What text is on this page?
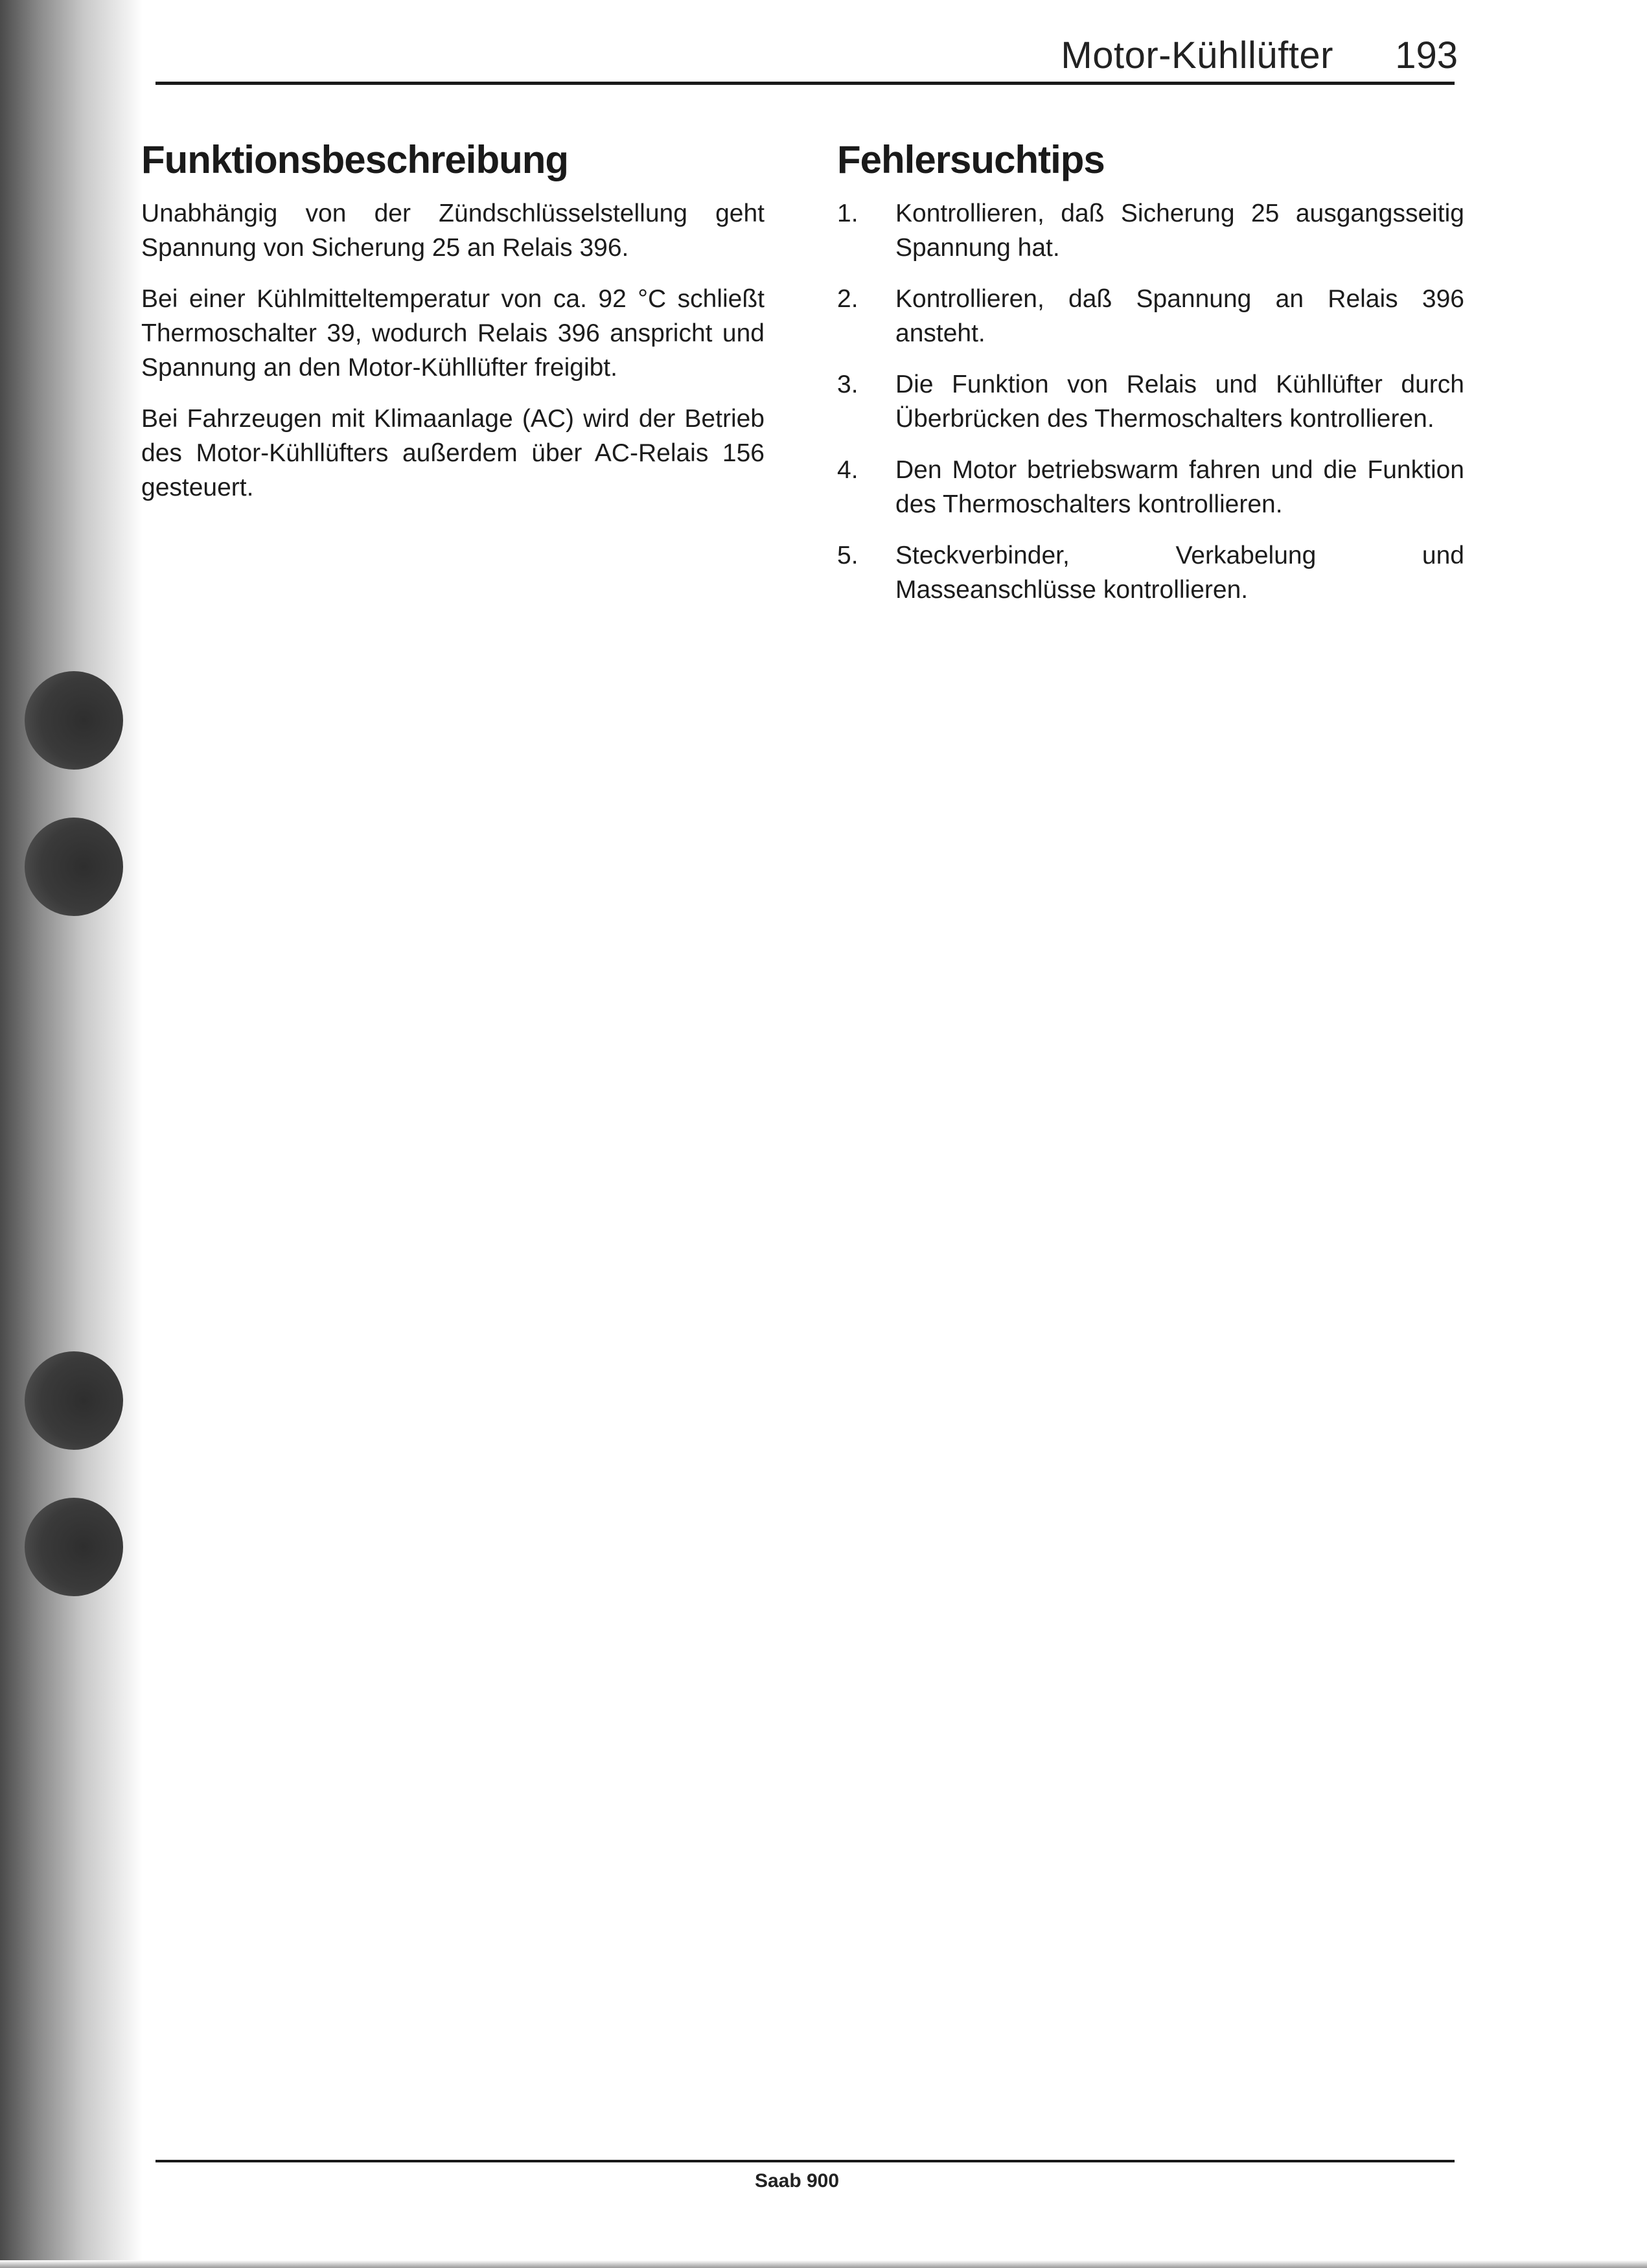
Motor-Kühllüfter 193
Funktionsbeschreibung

Unabhängig von der Zündschlüsselstellung geht Spannung von Sicherung 25 an Relais 396.

Bei einer Kühlmitteltemperatur von ca. 92 °C schließt Thermoschalter 39, wodurch Relais 396 anspricht und Spannung an den Motor-Kühllüfter freigibt.

Bei Fahrzeugen mit Klimaanlage (AC) wird der Betrieb des Motor-Kühllüfters außerdem über AC-Relais 156 gesteuert.

Fehlersuchtips
1.	Kontrollieren, daß Sicherung 25 ausgangsseitig Spannung hat.
2.	Kontrollieren, daß Spannung an Relais 396 ansteht.
3.	Die Funktion von Relais und Kühllüfter durch Überbrücken des Thermoschalters kontrollieren.
4.	Den Motor betriebswarm fahren und die Funktion des Thermoschalters kontrollieren.
5.	Steckverbinder, Verkabelung und Masseanschlüsse kontrollieren.
Saab 900
